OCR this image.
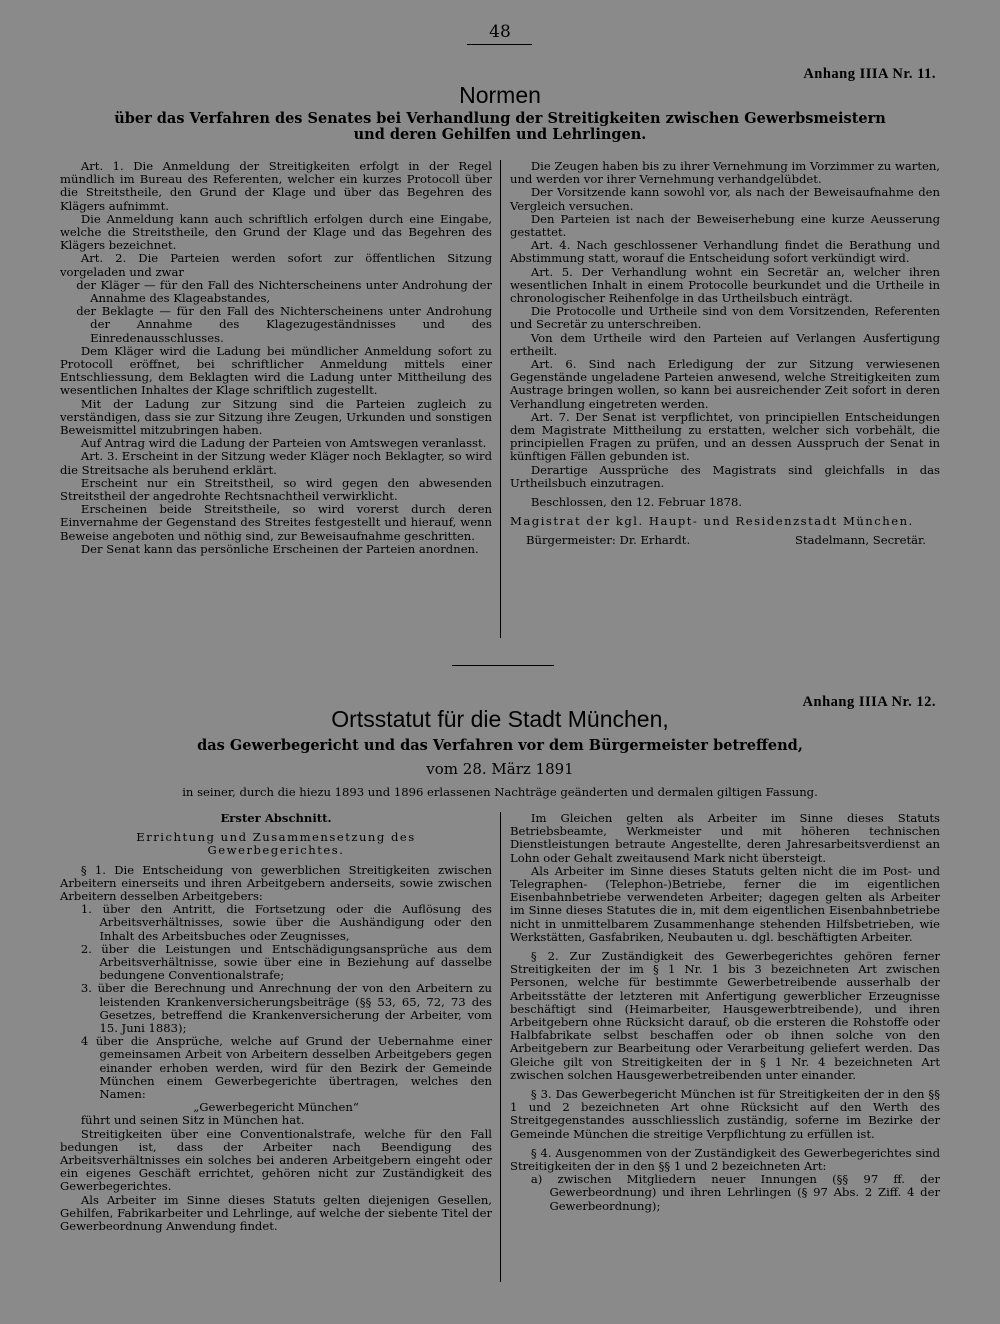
48
Anhang IIIA Nr. 11.
Normen
über das Verfahren des Senates bei Verhandlung der Streitigkeiten zwischen Gewerbsmeistern
und deren Gehilfen und Lehrlingen.

Art. 1. Die Anmeldung der Streitigkeiten erfolgt in der Regel mündlich im Bureau des Referenten, welcher ein kurzes Protocoll über die Streitstheile, den Grund der Klage und über das Begehren des Klägers aufnimmt.

Die Anmeldung kann auch schriftlich erfolgen durch eine Eingabe, welche die Streitstheile, den Grund der Klage und das Begehren des Klägers bezeichnet.

Art. 2. Die Parteien werden sofort zur öffentlichen Sitzung vorgeladen und zwar

der Kläger — für den Fall des Nichterscheinens unter Androhung der Annahme des Klageabstandes,

der Beklagte — für den Fall des Nichterscheinens unter Androhung der Annahme des Klagezugeständnisses und des Einredenausschlusses.

Dem Kläger wird die Ladung bei mündlicher Anmeldung sofort zu Protocoll eröffnet, bei schriftlicher Anmeldung mittels einer Entschliessung, dem Beklagten wird die Ladung unter Mittheilung des wesentlichen Inhaltes der Klage schriftlich zugestellt.

Mit der Ladung zur Sitzung sind die Parteien zugleich zu verständigen, dass sie zur Sitzung ihre Zeugen, Urkunden und sonstigen Beweismittel mitzubringen haben.

Auf Antrag wird die Ladung der Parteien von Amtswegen veranlasst.

Art. 3. Erscheint in der Sitzung weder Kläger noch Beklagter, so wird die Streitsache als beruhend erklärt.

Erscheint nur ein Streitstheil, so wird gegen den abwesenden Streitstheil der angedrohte Rechtsnachtheil verwirklicht.

Erscheinen beide Streitstheile, so wird vorerst durch deren Einvernahme der Gegenstand des Streites festgestellt und hierauf, wenn Beweise angeboten und nöthig sind, zur Beweisaufnahme geschritten.

Der Senat kann das persönliche Erscheinen der Parteien anordnen.

Die Zeugen haben bis zu ihrer Vernehmung im Vorzimmer zu warten, und werden vor ihrer Vernehmung verhandgelübdet.

Der Vorsitzende kann sowohl vor, als nach der Beweisaufnahme den Vergleich versuchen.

Den Parteien ist nach der Beweiserhebung eine kurze Aeusserung gestattet.

Art. 4. Nach geschlossener Verhandlung findet die Berathung und Abstimmung statt, worauf die Entscheidung sofort verkündigt wird.

Art. 5. Der Verhandlung wohnt ein Secretär an, welcher ihren wesentlichen Inhalt in einem Protocolle beurkundet und die Urtheile in chronologischer Reihenfolge in das Urtheilsbuch einträgt.

Die Protocolle und Urtheile sind von dem Vorsitzenden, Referenten und Secretär zu unterschreiben.

Von dem Urtheile wird den Parteien auf Verlangen Ausfertigung ertheilt.

Art. 6. Sind nach Erledigung der zur Sitzung verwiesenen Gegenstände ungeladene Parteien anwesend, welche Streitigkeiten zum Austrage bringen wollen, so kann bei ausreichender Zeit sofort in deren Verhandlung eingetreten werden.

Art. 7. Der Senat ist verpflichtet, von principiellen Entscheidungen dem Magistrate Mittheilung zu erstatten, welcher sich vorbehält, die principiellen Fragen zu prüfen, und an dessen Ausspruch der Senat in künftigen Fällen gebunden ist.

Derartige Aussprüche des Magistrats sind gleichfalls in das Urtheilsbuch einzutragen.

Beschlossen, den 12. Februar 1878.

Magistrat der kgl. Haupt- und Residenzstadt München.

Bürgermeister: Dr. Erhardt.	Stadelmann, Secretär.
Anhang IIIA Nr. 12.
Ortsstatut für die Stadt München,
das Gewerbegericht und das Verfahren vor dem Bürgermeister betreffend,
vom 28. März 1891
in seiner, durch die hiezu 1893 und 1896 erlassenen Nachträge geänderten und dermalen giltigen Fassung.

Erster Abschnitt.

Errichtung und Zusammensetzung des Gewerbegerichtes.

§ 1. Die Entscheidung von gewerblichen Streitigkeiten zwischen Arbeitern einerseits und ihren Arbeitgebern anderseits, sowie zwischen Arbeitern desselben Arbeitgebers:

1. über den Antritt, die Fortsetzung oder die Auflösung des Arbeitsverhältnisses, sowie über die Aushändigung oder den Inhalt des Arbeitsbuches oder Zeugnisses,

2. über die Leistungen und Entschädigungsansprüche aus dem Arbeitsverhältnisse, sowie über eine in Beziehung auf dasselbe bedungene Conventionalstrafe;

3. über die Berechnung und Anrechnung der von den Arbeitern zu leistenden Krankenversicherungsbeiträge (§§ 53, 65, 72, 73 des Gesetzes, betreffend die Krankenversicherung der Arbeiter, vom 15. Juni 1883);

4 über die Ansprüche, welche auf Grund der Uebernahme einer gemeinsamen Arbeit von Arbeitern desselben Arbeitgebers gegen einander erhoben werden, wird für den Bezirk der Gemeinde München einem Gewerbegerichte übertragen, welches den Namen:

„Gewerbegericht München“

führt und seinen Sitz in München hat.

Streitigkeiten über eine Conventionalstrafe, welche für den Fall bedungen ist, dass der Arbeiter nach Beendigung des Arbeitsverhältnisses ein solches bei anderen Arbeitgebern eingeht oder ein eigenes Geschäft errichtet, gehören nicht zur Zuständigkeit des Gewerbegerichtes.

Als Arbeiter im Sinne dieses Statuts gelten diejenigen Gesellen, Gehilfen, Fabrikarbeiter und Lehrlinge, auf welche der siebente Titel der Gewerbeordnung Anwendung findet.

Im Gleichen gelten als Arbeiter im Sinne dieses Statuts Betriebsbeamte, Werkmeister und mit höheren technischen Dienstleistungen betraute Angestellte, deren Jahresarbeitsverdienst an Lohn oder Gehalt zweitausend Mark nicht übersteigt.

Als Arbeiter im Sinne dieses Statuts gelten nicht die im Post- und Telegraphen- (Telephon-)Betriebe, ferner die im eigentlichen Eisenbahnbetriebe verwendeten Arbeiter; dagegen gelten als Arbeiter im Sinne dieses Statutes die in, mit dem eigentlichen Eisenbahnbetriebe nicht in unmittelbarem Zusammenhange stehenden Hilfsbetrieben, wie Werkstätten, Gasfabriken, Neubauten u. dgl. beschäftigten Arbeiter.

§ 2. Zur Zuständigkeit des Gewerbegerichtes gehören ferner Streitigkeiten der im § 1 Nr. 1 bis 3 bezeichneten Art zwischen Personen, welche für bestimmte Gewerbetreibende ausserhalb der Arbeitsstätte der letzteren mit Anfertigung gewerblicher Erzeugnisse beschäftigt sind (Heimarbeiter, Hausgewerbtreibende), und ihren Arbeitgebern ohne Rücksicht darauf, ob die ersteren die Rohstoffe oder Halbfabrikate selbst beschaffen oder ob ihnen solche von den Arbeitgebern zur Bearbeitung oder Verarbeitung geliefert werden. Das Gleiche gilt von Streitigkeiten der in § 1 Nr. 4 bezeichneten Art zwischen solchen Hausgewerbetreibenden unter einander.

§ 3. Das Gewerbegericht München ist für Streitigkeiten der in den §§ 1 und 2 bezeichneten Art ohne Rücksicht auf den Werth des Streitgegenstandes ausschliesslich zuständig, soferne im Bezirke der Gemeinde München die streitige Verpflichtung zu erfüllen ist.

§ 4. Ausgenommen von der Zuständigkeit des Gewerbegerichtes sind Streitigkeiten der in den §§ 1 und 2 bezeichneten Art:

a) zwischen Mitgliedern neuer Innungen (§§ 97 ff. der Gewerbeordnung) und ihren Lehrlingen (§ 97 Abs. 2 Ziff. 4 der Gewerbeordnung);
